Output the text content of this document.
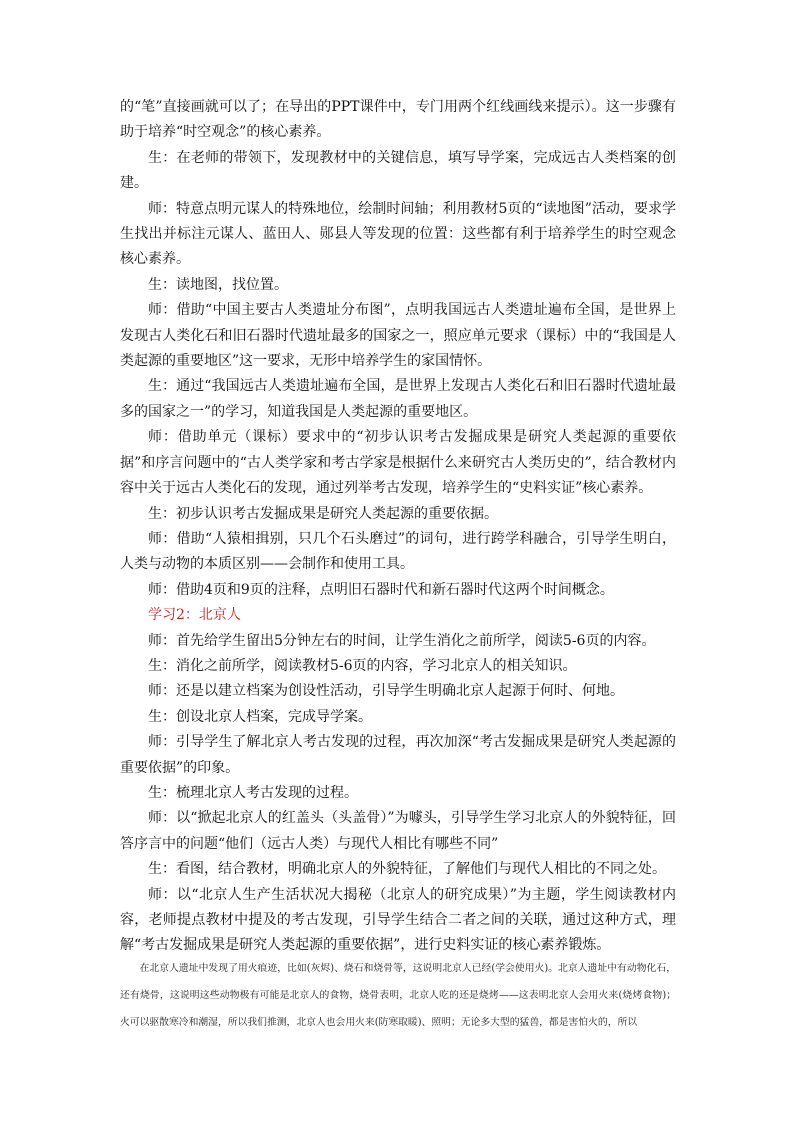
的“笔”直接画就可以了；在导出的PPT课件中，专门用两个红线画线来提示）。这一步骤有助于培养“时空观念”的核心素养。

生：在老师的带领下，发现教材中的关键信息，填写导学案，完成远古人类档案的创建。

师：特意点明元谋人的特殊地位，绘制时间轴；利用教材5页的“读地图”活动，要求学生找出并标注元谋人、蓝田人、郧县人等发现的位置：这些都有利于培养学生的时空观念核心素养。

生：读地图，找位置。

师：借助“中国主要古人类遗址分布图”，点明我国远古人类遗址遍布全国，是世界上发现古人类化石和旧石器时代遗址最多的国家之一，照应单元要求（课标）中的“我国是人类起源的重要地区”这一要求，无形中培养学生的家国情怀。

生：通过“我国远古人类遗址遍布全国，是世界上发现古人类化石和旧石器时代遗址最多的国家之一”的学习，知道我国是人类起源的重要地区。

师：借助单元（课标）要求中的“初步认识考古发掘成果是研究人类起源的重要依据”和序言问题中的“古人类学家和考古学家是根据什么来研究古人类历史的”，结合教材内容中关于远古人类化石的发现，通过列举考古发现，培养学生的“史料实证”核心素养。

生：初步认识考古发掘成果是研究人类起源的重要依据。

师：借助“人猿相揖别，只几个石头磨过”的词句，进行跨学科融合，引导学生明白，人类与动物的本质区别——会制作和使用工具。

师：借助4页和9页的注释，点明旧石器时代和新石器时代这两个时间概念。

学习2：北京人

师：首先给学生留出5分钟左右的时间，让学生消化之前所学，阅读5-6页的内容。

生：消化之前所学，阅读教材5-6页的内容，学习北京人的相关知识。

师：还是以建立档案为创设性活动，引导学生明确北京人起源于何时、何地。

生：创设北京人档案，完成导学案。

师：引导学生了解北京人考古发现的过程，再次加深“考古发掘成果是研究人类起源的重要依据”的印象。

生：梳理北京人考古发现的过程。

师：以“掀起北京人的红盖头（头盖骨）”为噱头，引导学生学习北京人的外貌特征，回答序言中的问题“他们（远古人类）与现代人相比有哪些不同”

生：看图，结合教材，明确北京人的外貌特征，了解他们与现代人相比的不同之处。

师：以“北京人生产生活状况大揭秘（北京人的研究成果）”为主题，学生阅读教材内容，老师提点教材中提及的考古发现，引导学生结合二者之间的关联，通过这种方式，理解“考古发掘成果是研究人类起源的重要依据”，进行史料实证的核心素养锻炼。

在北京人遗址中发现了用火痕迹，比如(灰烬)、烧石和烧骨等，这说明北京人已经(学会使用火)。北京人遗址中有动物化石，还有烧骨，这说明这些动物极有可能是北京人的食物，烧骨表明，北京人吃的还是烧烤——这表明北京人会用火来(烧烤食物)；火可以驱散寒冷和潮湿，所以我们推测，北京人也会用火来(防寒取暖)、照明；无论多大型的猛兽，都是害怕火的，所以
